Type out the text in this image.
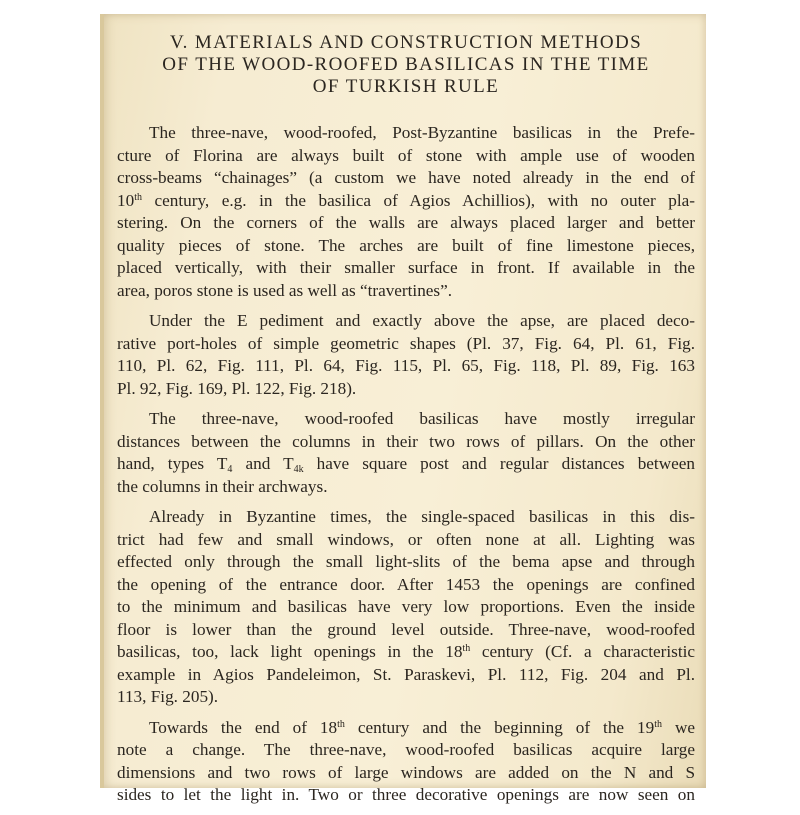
V. MATERIALS AND CONSTRUCTION METHODS
OF THE WOOD-ROOFED BASILICAS IN THE TIME
OF TURKISH RULE
The three-nave, wood-roofed, Post-Byzantine basilicas in the Prefe-
cture of Florina are always built of stone with ample use of wooden
cross-beams “chainages” (a custom we have noted already in the end of
10th century, e.g. in the basilica of Agios Achillios), with no outer pla-
stering. On the corners of the walls are always placed larger and better
quality pieces of stone. The arches are built of fine limestone pieces,
placed vertically, with their smaller surface in front. If available in the
area, poros stone is used as well as “travertines”.
Under the E pediment and exactly above the apse, are placed deco-
rative port-holes of simple geometric shapes (Pl. 37, Fig. 64, Pl. 61, Fig.
110, Pl. 62, Fig. 111, Pl. 64, Fig. 115, Pl. 65, Fig. 118, Pl. 89, Fig. 163
Pl. 92, Fig. 169, Pl. 122, Fig. 218).
The three-nave, wood-roofed basilicas have mostly irregular
distances between the columns in their two rows of pillars. On the other
hand, types $T_4$ and $T_{4k}$ have square post and regular distances between
the columns in their archways.
Already in Byzantine times, the single-spaced basilicas in this dis-
trict had few and small windows, or often none at all. Lighting was
effected only through the small light-slits of the bema apse and through
the opening of the entrance door. After 1453 the openings are confined
to the minimum and basilicas have very low proportions. Even the inside
floor is lower than the ground level outside. Three-nave, wood-roofed
basilicas, too, lack light openings in the 18th century (Cf. a characteristic
example in Agios Pandeleimon, St. Paraskevi, Pl. 112, Fig. 204 and Pl.
113, Fig. 205).
Towards the end of 18th century and the beginning of the 19th we
note a change. The three-nave, wood-roofed basilicas acquire large
dimensions and two rows of large windows are added on the N and S
sides to let the light in. Two or three decorative openings are now seen on
